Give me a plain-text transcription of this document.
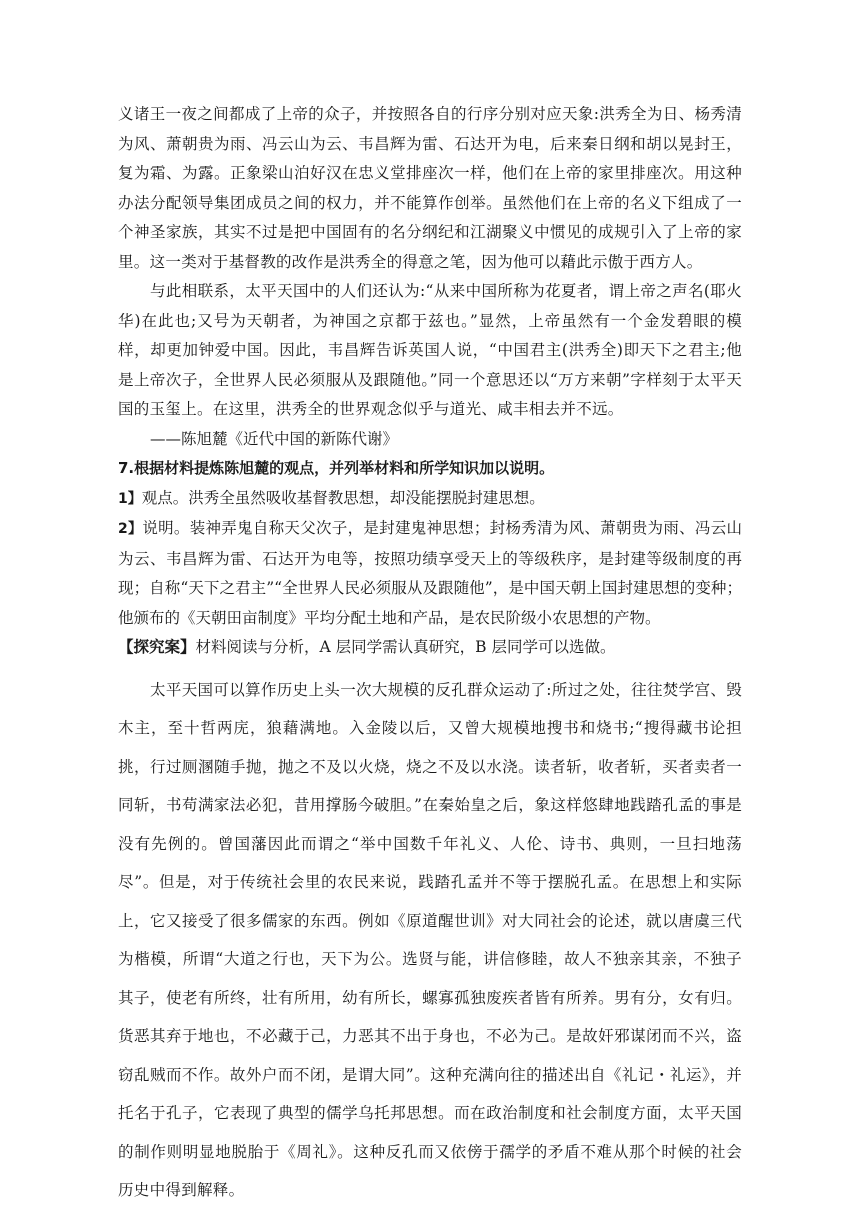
义诸王一夜之间都成了上帝的众子，并按照各自的行序分别对应天象:洪秀全为日、杨秀清为风、萧朝贵为雨、冯云山为云、韦昌辉为雷、石达开为电，后来秦日纲和胡以晃封王，复为霜、为露。正象梁山泊好汉在忠义堂排座次一样，他们在上帝的家里排座次。用这种办法分配领导集团成员之间的权力，并不能算作创举。虽然他们在上帝的名义下组成了一个神圣家族，其实不过是把中国固有的名分纲纪和江湖聚义中惯见的成规引入了上帝的家里。这一类对于基督教的改作是洪秀全的得意之笔，因为他可以藉此示傲于西方人。

与此相联系，太平天国中的人们还认为:“从来中国所称为花夏者，谓上帝之声名(耶火华)在此也;又号为天朝者，为神国之京都于兹也。”显然，上帝虽然有一个金发碧眼的模样，却更加钟爱中国。因此，韦昌辉告诉英国人说，“中国君主(洪秀全)即天下之君主;他是上帝次子，全世界人民必须服从及跟随他。”同一个意思还以“万方来朝”字样刻于太平天国的玉玺上。在这里，洪秀全的世界观念似乎与道光、咸丰相去并不远。

——陈旭麓《近代中国的新陈代谢》

7.根据材料提炼陈旭麓的观点，并列举材料和所学知识加以说明。

1】观点。洪秀全虽然吸收基督教思想，却没能摆脱封建思想。

2】说明。装神弄鬼自称天父次子，是封建鬼神思想；封杨秀清为风、萧朝贵为雨、冯云山为云、韦昌辉为雷、石达开为电等，按照功绩享受天上的等级秩序，是封建等级制度的再现；自称“天下之君主”“全世界人民必须服从及跟随他”，是中国天朝上国封建思想的变种；他颁布的《天朝田亩制度》平均分配土地和产品，是农民阶级小农思想的产物。

【探究案】材料阅读与分析，A 层同学需认真研究，B 层同学可以选做。

太平天国可以算作历史上头一次大规模的反孔群众运动了:所过之处，往往焚学宫、毁木主，至十哲两庑，狼藉满地。入金陵以后，又曾大规模地搜书和烧书;“搜得藏书论担挑，行过厕溷随手抛，抛之不及以火烧，烧之不及以水浇。读者斩，收者斩，买者卖者一同斩，书苟满家法必犯，昔用撑肠今破胆。”在秦始皇之后，象这样悠肆地践踏孔孟的事是没有先例的。曾国藩因此而谓之“举中国数千年礼义、人伦、诗书、典则，一旦扫地荡尽”。但是，对于传统社会里的农民来说，践踏孔孟并不等于摆脱孔孟。在思想上和实际上，它又接受了很多儒家的东西。例如《原道醒世训》对大同社会的论述，就以唐虞三代为楷模，所谓“大道之行也，天下为公。选贤与能，讲信修睦，故人不独亲其亲，不独子其子，使老有所终，壮有所用，幼有所长，螺寡孤独废疾者皆有所养。男有分，女有归。货恶其弃于地也，不必藏于己，力恶其不出于身也，不必为己。是故奸邪谋闭而不兴，盗窃乱贼而不作。故外户而不闭，是谓大同”。这种充满向往的描述出自《礼记・礼运》，并托名于孔子，它表现了典型的儒学乌托邦思想。而在政治制度和社会制度方面，太平天国的制作则明显地脱胎于《周礼》。这种反孔而又依傍于孺学的矛盾不难从那个时候的社会历史中得到解释。
